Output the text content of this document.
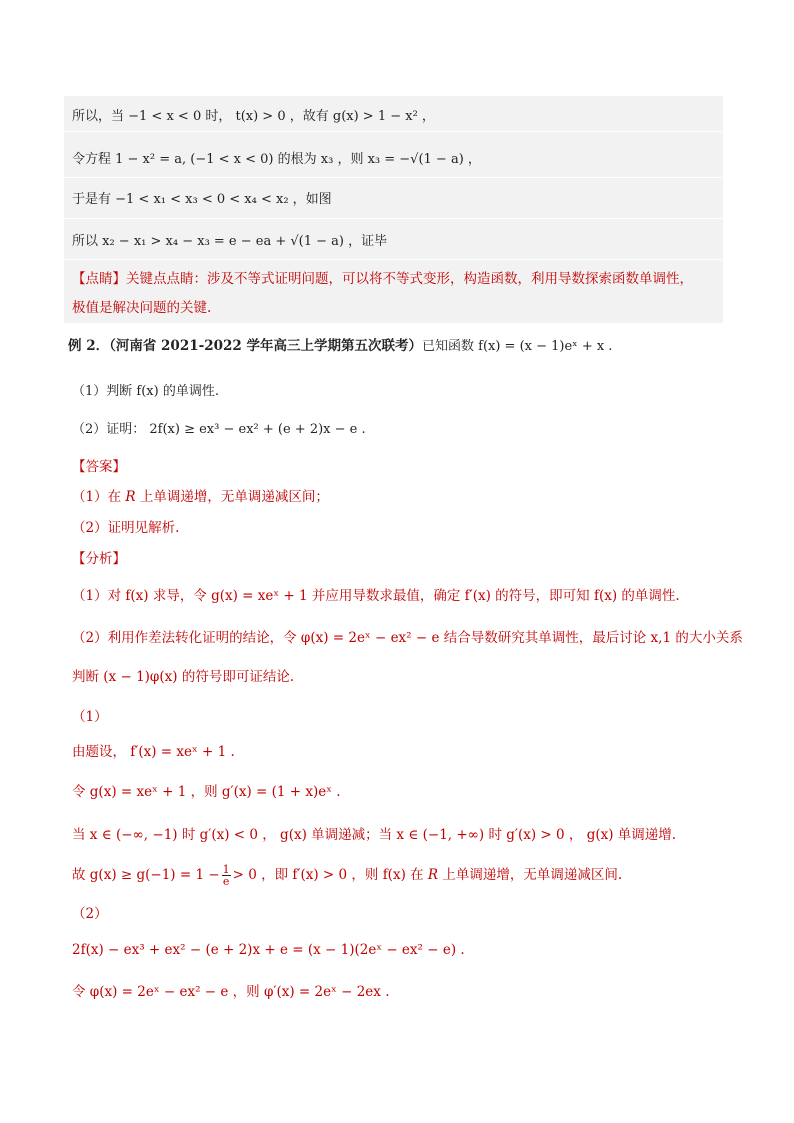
所以，当 −1 < x < 0 时， t(x) > 0 ，故有 g(x) > 1 − x² ，
令方程 1 − x² = a, (−1 < x < 0) 的根为 x₃ ，则 x₃ = −√(1 − a) ，
于是有 −1 < x₁ < x₃ < 0 < x₄ < x₂ ，如图
所以 x₂ − x₁ > x₄ − x₃ = e − ea + √(1 − a) ，证毕
【点睛】关键点点睛：涉及不等式证明问题，可以将不等式变形，构造函数，利用导数探索函数单调性，
极值是解决问题的关键.
例 2．（河南省 2021-2022 学年高三上学期第五次联考）已知函数 f(x) = (x − 1)eˣ + x .
（1）判断 f(x) 的单调性.
（2）证明： 2f(x) ≥ ex³ − ex² + (e + 2)x − e .
【答案】
（1）在 R 上单调递增，无单调递减区间；
（2）证明见解析.
【分析】
（1）对 f(x) 求导，令 g(x) = xeˣ + 1 并应用导数求最值，确定 f′(x) 的符号，即可知 f(x) 的单调性.
（2）利用作差法转化证明的结论，令 φ(x) = 2eˣ − ex² − e 结合导数研究其单调性，最后讨论 x,1 的大小关系
判断 (x − 1)φ(x) 的符号即可证结论.
（1）
由题设， f′(x) = xeˣ + 1 .
令 g(x) = xeˣ + 1 ，则 g′(x) = (1 + x)eˣ .
当 x ∈ (−∞, −1) 时 g′(x) < 0 ， g(x) 单调递减；当 x ∈ (−1, +∞) 时 g′(x) > 0 ， g(x) 单调递增.
故 $g(x) \ge g(-1) = 1 - \frac{1}{e} > 0$ ，即 f′(x) > 0 ，则 f(x) 在 R 上单调递增，无单调递减区间.
（2）
2f(x) − ex³ + ex² − (e + 2)x + e = (x − 1)(2eˣ − ex² − e) .
令 φ(x) = 2eˣ − ex² − e ，则 φ′(x) = 2eˣ − 2ex .
